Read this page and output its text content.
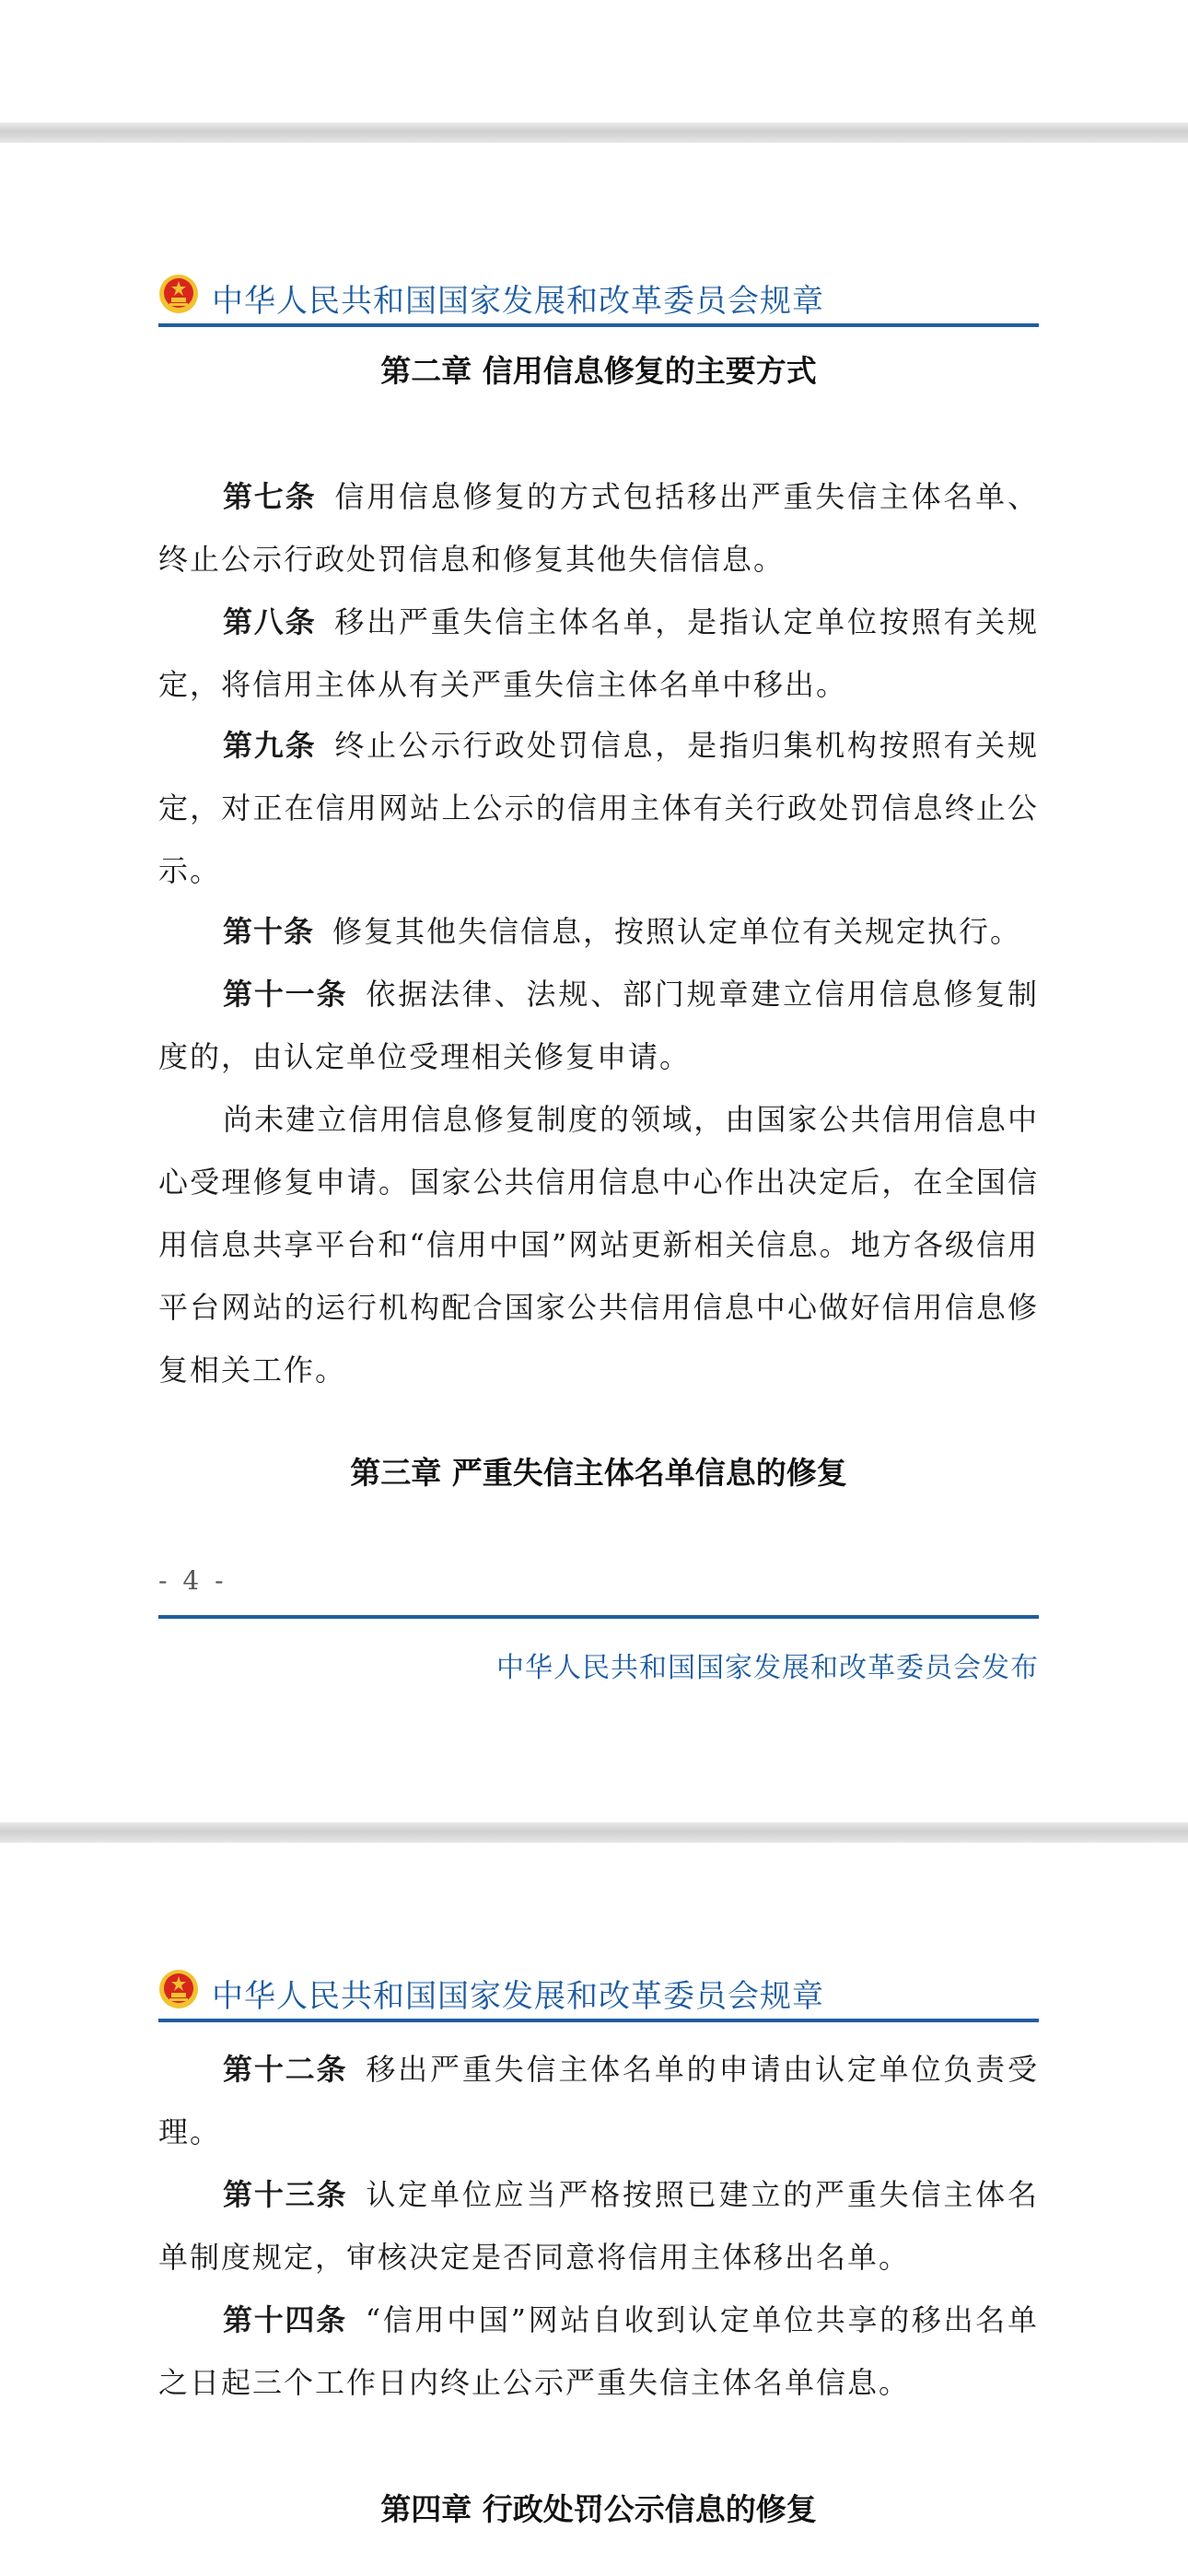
中华人民共和国国家发展和改革委员会规章
第二章 信用信息修复的主要方式

第七条 信用信息修复的方式包括移出严重失信主体名单、终止公示行政处罚信息和修复其他失信信息。

第八条 移出严重失信主体名单，是指认定单位按照有关规定，将信用主体从有关严重失信主体名单中移出。

第九条 终止公示行政处罚信息，是指归集机构按照有关规定，对正在信用网站上公示的信用主体有关行政处罚信息终止公示。

第十条 修复其他失信信息，按照认定单位有关规定执行。

第十一条 依据法律、法规、部门规章建立信用信息修复制度的，由认定单位受理相关修复申请。

尚未建立信用信息修复制度的领域，由国家公共信用信息中心受理修复申请。国家公共信用信息中心作出决定后，在全国信用信息共享平台和“信用中国”网站更新相关信息。地方各级信用平台网站的运行机构配合国家公共信用信息中心做好信用信息修复相关工作。

第三章 严重失信主体名单信息的修复
- 4 -
中华人民共和国国家发展和改革委员会发布
中华人民共和国国家发展和改革委员会规章

第十二条 移出严重失信主体名单的申请由认定单位负责受理。

第十三条 认定单位应当严格按照已建立的严重失信主体名单制度规定，审核决定是否同意将信用主体移出名单。

第十四条 “信用中国”网站自收到认定单位共享的移出名单之日起三个工作日内终止公示严重失信主体名单信息。

第四章 行政处罚公示信息的修复
